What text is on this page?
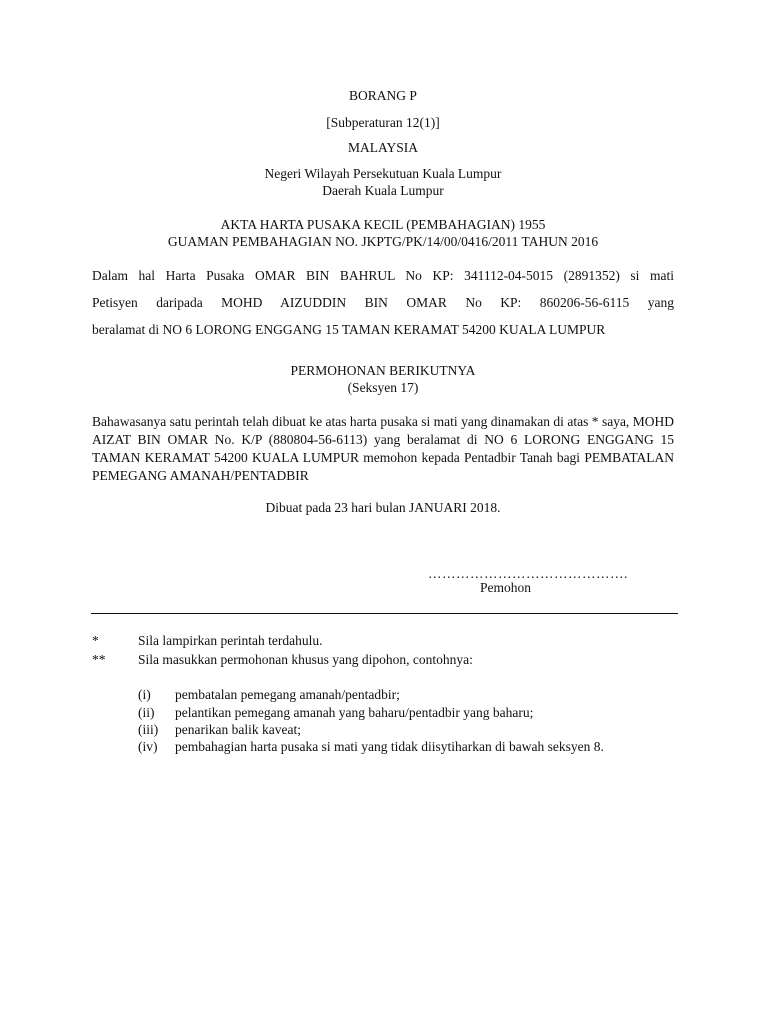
BORANG P
[Subperaturan 12(1)]
MALAYSIA
Negeri Wilayah Persekutuan Kuala Lumpur
Daerah Kuala Lumpur
AKTA HARTA PUSAKA KECIL (PEMBAHAGIAN) 1955
GUAMAN PEMBAHAGIAN NO. JKPTG/PK/14/00/0416/2011 TAHUN 2016
Dalam hal Harta Pusaka OMAR BIN BAHRUL No KP: 341112-04-5015 (2891352) si mati
Petisyen daripada MOHD AIZUDDIN BIN OMAR No KP: 860206-56-6115 yang
beralamat di NO 6 LORONG ENGGANG 15 TAMAN KERAMAT 54200 KUALA LUMPUR
PERMOHONAN BERIKUTNYA
(Seksyen 17)
Bahawasanya satu perintah telah dibuat ke atas harta pusaka si mati yang dinamakan di atas * saya, MOHD AIZAT BIN OMAR No. K/P (880804-56-6113) yang beralamat di NO 6 LORONG ENGGANG 15 TAMAN KERAMAT 54200 KUALA LUMPUR memohon kepada Pentadbir Tanah bagi PEMBATALAN PEMEGANG AMANAH/PENTADBIR
Dibuat pada 23 hari bulan JANUARI 2018.
…………………………………….
Pemohon
*	Sila lampirkan perintah terdahulu.
** Sila masukkan permohonan khusus yang dipohon, contohnya:
(i) pembatalan pemegang amanah/pentadbir;
(ii) pelantikan pemegang amanah yang baharu/pentadbir yang baharu;
(iii) penarikan balik kaveat;
(iv) pembahagian harta pusaka si mati yang tidak diisytiharkan di bawah seksyen 8.
